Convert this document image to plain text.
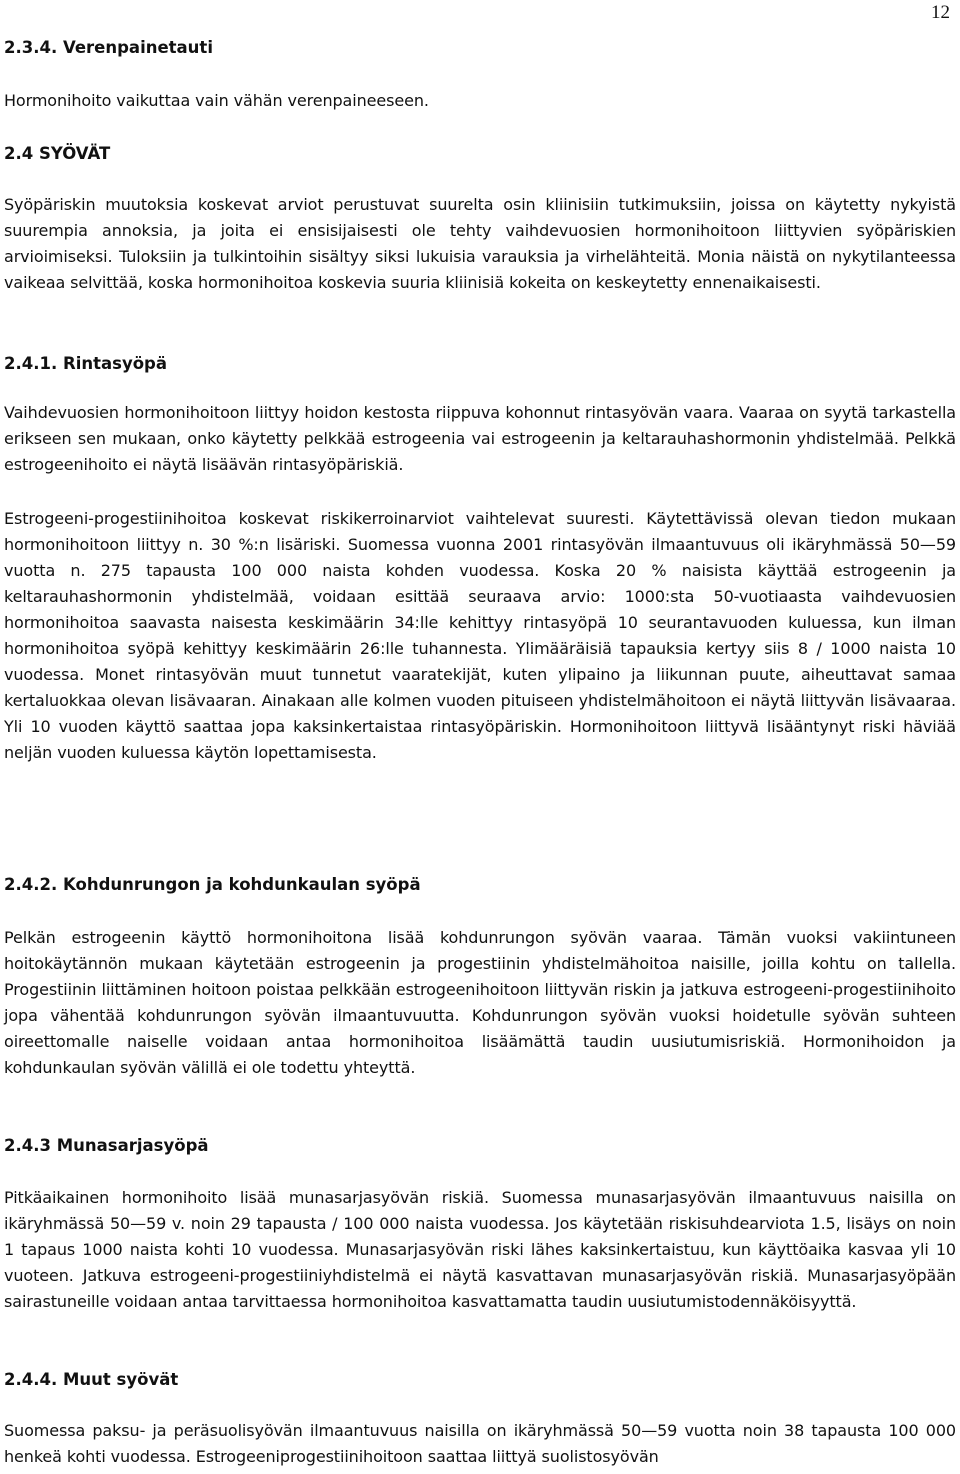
12
2.3.4. Verenpainetauti

Hormonihoito vaikuttaa vain vähän verenpaineeseen.

2.4 SYÖVÄT

Syöpäriskin muutoksia koskevat arviot perustuvat suurelta osin kliinisiin tutkimuksiin, joissa on käytetty nykyistä suurempia annoksia, ja joita ei ensisijaisesti ole tehty vaihdevuosien hormonihoitoon liittyvien syöpäriskien arvioimiseksi. Tuloksiin ja tulkintoihin sisältyy siksi lukuisia varauksia ja virhelähteitä. Monia näistä on nykytilanteessa vaikeaa selvittää, koska hormonihoitoa koskevia suuria kliinisiä kokeita on keskeytetty ennenaikaisesti.

2.4.1. Rintasyöpä

Vaihdevuosien hormonihoitoon liittyy hoidon kestosta riippuva kohonnut rintasyövän vaara. Vaaraa on syytä tarkastella erikseen sen mukaan, onko käytetty pelkkää estrogeenia vai estrogeenin ja keltarauhashormonin yhdistelmää. Pelkkä estrogeenihoito ei näytä lisäävän rintasyöpäriskiä.

Estrogeeni-progestiinihoitoa koskevat riskikerroinarviot vaihtelevat suuresti. Käytettävissä olevan tiedon mukaan hormonihoitoon liittyy n. 30 %:n lisäriski. Suomessa vuonna 2001 rintasyövän ilmaantuvuus oli ikäryhmässä 50—59 vuotta n. 275 tapausta 100 000 naista kohden vuodessa. Koska 20 % naisista käyttää estrogeenin ja keltarauhashormonin yhdistelmää, voidaan esittää seuraava arvio: 1000:sta 50-vuotiaasta vaihdevuosien hormonihoitoa saavasta naisesta keskimäärin 34:lle kehittyy rintasyöpä 10 seurantavuoden kuluessa, kun ilman hormonihoitoa syöpä kehittyy keskimäärin 26:lle tuhannesta. Ylimääräisiä tapauksia kertyy siis 8 / 1000 naista 10 vuodessa. Monet rintasyövän muut tunnetut vaaratekijät, kuten ylipaino ja liikunnan puute, aiheuttavat samaa kertaluokkaa olevan lisävaaran. Ainakaan alle kolmen vuoden pituiseen yhdistelmähoitoon ei näytä liittyvän lisävaaraa. Yli 10 vuoden käyttö saattaa jopa kaksinkertaistaa rintasyöpäriskin. Hormonihoitoon liittyvä lisääntynyt riski häviää neljän vuoden kuluessa käytön lopettamisesta.

2.4.2. Kohdunrungon ja kohdunkaulan syöpä

Pelkän estrogeenin käyttö hormonihoitona lisää kohdunrungon syövän vaaraa. Tämän vuoksi vakiintuneen hoitokäytännön mukaan käytetään estrogeenin ja progestiinin yhdistelmähoitoa naisille, joilla kohtu on tallella. Progestiinin liittäminen hoitoon poistaa pelkkään estrogeenihoitoon liittyvän riskin ja jatkuva estrogeeni-progestiinihoito jopa vähentää kohdunrungon syövän ilmaantuvuutta. Kohdunrungon syövän vuoksi hoidetulle syövän suhteen oireettomalle naiselle voidaan antaa hormonihoitoa lisäämättä taudin uusiutumisriskiä. Hormonihoidon ja kohdunkaulan syövän välillä ei ole todettu yhteyttä.

2.4.3 Munasarjasyöpä

Pitkäaikainen hormonihoito lisää munasarjasyövän riskiä. Suomessa munasarjasyövän ilmaantuvuus naisilla on ikäryhmässä 50—59 v. noin 29 tapausta / 100 000 naista vuodessa. Jos käytetään riskisuhdearviota 1.5, lisäys on noin 1 tapaus 1000 naista kohti 10 vuodessa. Munasarjasyövän riski lähes kaksinkertaistuu, kun käyttöaika kasvaa yli 10 vuoteen. Jatkuva estrogeeni-progestiiniyhdistelmä ei näytä kasvattavan munasarjasyövän riskiä. Munasarjasyöpään sairastuneille voidaan antaa tarvittaessa hormonihoitoa kasvattamatta taudin uusiutumistodennäköisyyttä.

2.4.4. Muut syövät

Suomessa paksu- ja peräsuolisyövän ilmaantuvuus naisilla on ikäryhmässä 50—59 vuotta noin 38 tapausta 100 000 henkeä kohti vuodessa. Estrogeeniprogestiinihoitoon saattaa liittyä suolistosyövän
